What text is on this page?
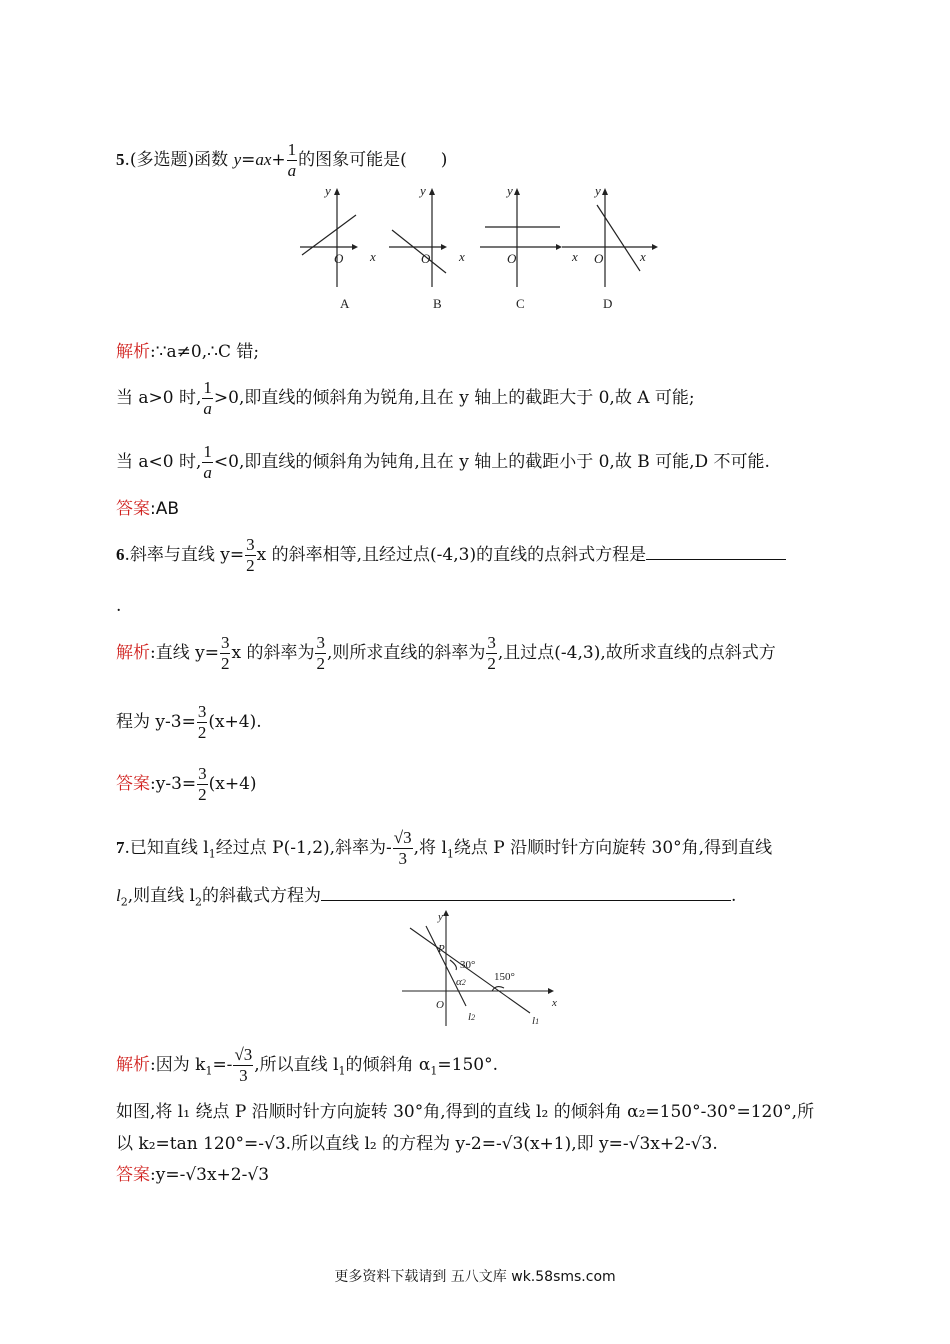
5.(多选题)函数 $y=ax+ \frac{1}{a}$ 的图象可能是(　　)
y
x
O
y
x
O
y
x
O
y
x
O
A	B	C	D
解析:∵a≠0,∴C 错;
当 a>0 时, $\frac{1}{a} >0$,即直线的倾斜角为锐角,且在 y 轴上的截距大于 0,故 A 可能;
当 a<0 时, $\frac{1}{a} <0$,即直线的倾斜角为钝角,且在 y 轴上的截距小于 0,故 B 可能,D 不可能.
答案:AB
6.斜率与直线 $y= \frac{3}{2}$ x 的斜率相等,且经过点(-4,3)的直线的点斜式方程是
.
解析:直线 $y= \frac{3}{2}$ x 的斜率为 $\frac{3}{2}$ ,则所求直线的斜率为 $\frac{3}{2}$ ,且过点(-4,3),故所求直线的点斜式方
程为 $y-3= \frac{3}{2} (x+4)$.
答案:y-3= $\frac{3}{2} (x+4)$
7.已知直线 $l_1$经过点 P(-1,2),斜率为- $\frac{√3}{3}$ ,将 $l_1$绕点 P 沿顺时针方向旋转 30°角,得到直线
$l_2$,则直线 $l_2$的斜截式方程为	.
P
30°
150°
α2
O
l2	l1
x
y
解析:因为 $k_1=- \frac{√3}{3}$ ,所以直线 $l_1$的倾斜角 $\alpha_1=150^\circ$.
如图,将 l₁ 绕点 P 沿顺时针方向旋转 30°角,得到的直线 l₂ 的倾斜角 α₂=150°-30°=120°,所
以 k₂=tan 120°=-√3.所以直线 l₂ 的方程为 y-2=-√3(x+1),即 y=-√3x+2-√3.
答案:y=-√3x+2-√3
更多资料下载请到 五八文库 wk.58sms.com
